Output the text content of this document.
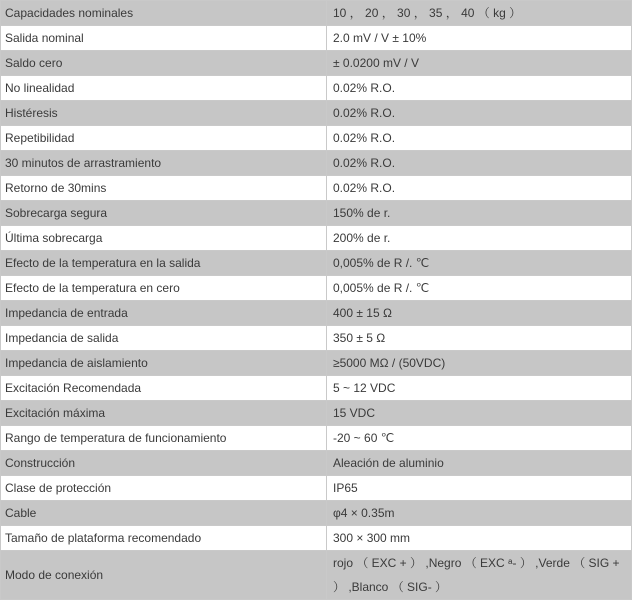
Capacidades nominales	10 ， 20 ， 30 ， 35 ， 40 （ kg ）
Salida nominal	2.0 mV / V ± 10%
Saldo cero	± 0.0200 mV / V
No linealidad	0.02% R.O.
Histéresis	0.02% R.O.
Repetibilidad	0.02% R.O.
30 minutos de arrastramiento	0.02% R.O.
Retorno de 30mins	0.02% R.O.
Sobrecarga segura	150% de r.
Última sobrecarga	200% de r.
Efecto de la temperatura en la salida	0,005% de R /. ℃
Efecto de la temperatura en cero	0,005% de R /. ℃
Impedancia de entrada	400 ± 15 Ω
Impedancia de salida	350 ± 5 Ω
Impedancia de aislamiento	≥5000 MΩ / (50VDC)
Excitación Recomendada	5 ~ 12 VDC
Excitación máxima	15 VDC
Rango de temperatura de funcionamiento	-20 ~ 60 ℃
Construcción	Aleación de aluminio
Clase de protección	IP65
Cable	φ4 × 0.35m
Tamaño de plataforma recomendado	300 × 300 mm
Modo de conexión	rojo （ EXC + ） ,Negro （ EXC ᵃ- ） ,Verde （ SIG + ） ,Blanco （ SIG- ）
